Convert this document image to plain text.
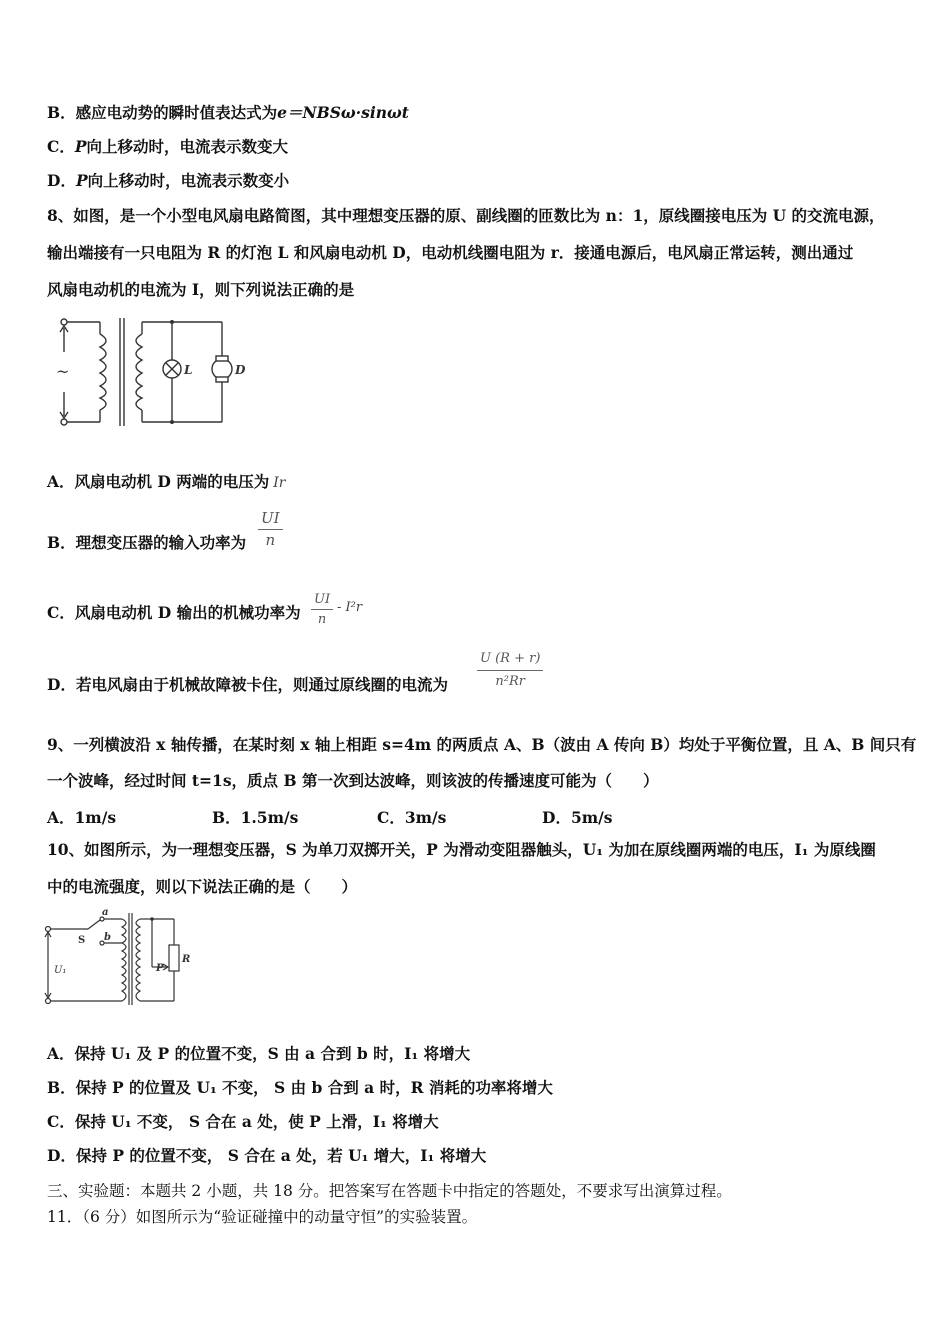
B．感应电动势的瞬时值表达式为e＝NBSω·sinωt
C．P向上移动时，电流表示数变大
D．P向上移动时，电流表示数变小
8、如图，是一个小型电风扇电路简图，其中理想变压器的原、副线圈的匝数比为 n：1，原线圈接电压为 U 的交流电源，
输出端接有一只电阻为 R 的灯泡 L 和风扇电动机 D，电动机线圈电阻为 r．接通电源后，电风扇正常运转，测出通过
风扇电动机的电流为 I，则下列说法正确的是
~	L	D
A．风扇电动机 D 两端的电压为 Ir
B．理想变压器的输入功率为 $\frac{UI}{n}$
C．风扇电动机 D 输出的机械功率为 $\frac{UI}{n} - I^2r$
D．若电风扇由于机械故障被卡住，则通过原线圈的电流为 $\frac{U (R + r)}{\text{n²Rr}}$
9、一列横波沿 x 轴传播，在某时刻 x 轴上相距 s=4m 的两质点 A、B（波由 A 传向 B）均处于平衡位置，且 A、B 间只有
一个波峰，经过时间 t=1s，质点 B 第一次到达波峰，则该波的传播速度可能为（　　）
A．1m/s	B．1.5m/s	C．3m/s	D．5m/s
10、如图所示，为一理想变压器，S 为单刀双掷开关，P 为滑动变阻器触头，U₁ 为加在原线圈两端的电压，I₁ 为原线圈
中的电流强度，则以下说法正确的是（　　）
a
b
S
U₁	P
R
A．保持 U₁ 及 P 的位置不变，S 由 a 合到 b 时，I₁ 将增大
B．保持 P 的位置及 U₁ 不变， S 由 b 合到 a 时，R 消耗的功率将增大
C．保持 U₁ 不变， S 合在 a 处，使 P 上滑，I₁ 将增大
D．保持 P 的位置不变， S 合在 a 处，若 U₁ 增大，I₁ 将增大
三、实验题：本题共 2 小题，共 18 分。把答案写在答题卡中指定的答题处，不要求写出演算过程。
11．（6 分）如图所示为“验证碰撞中的动量守恒”的实验装置。
